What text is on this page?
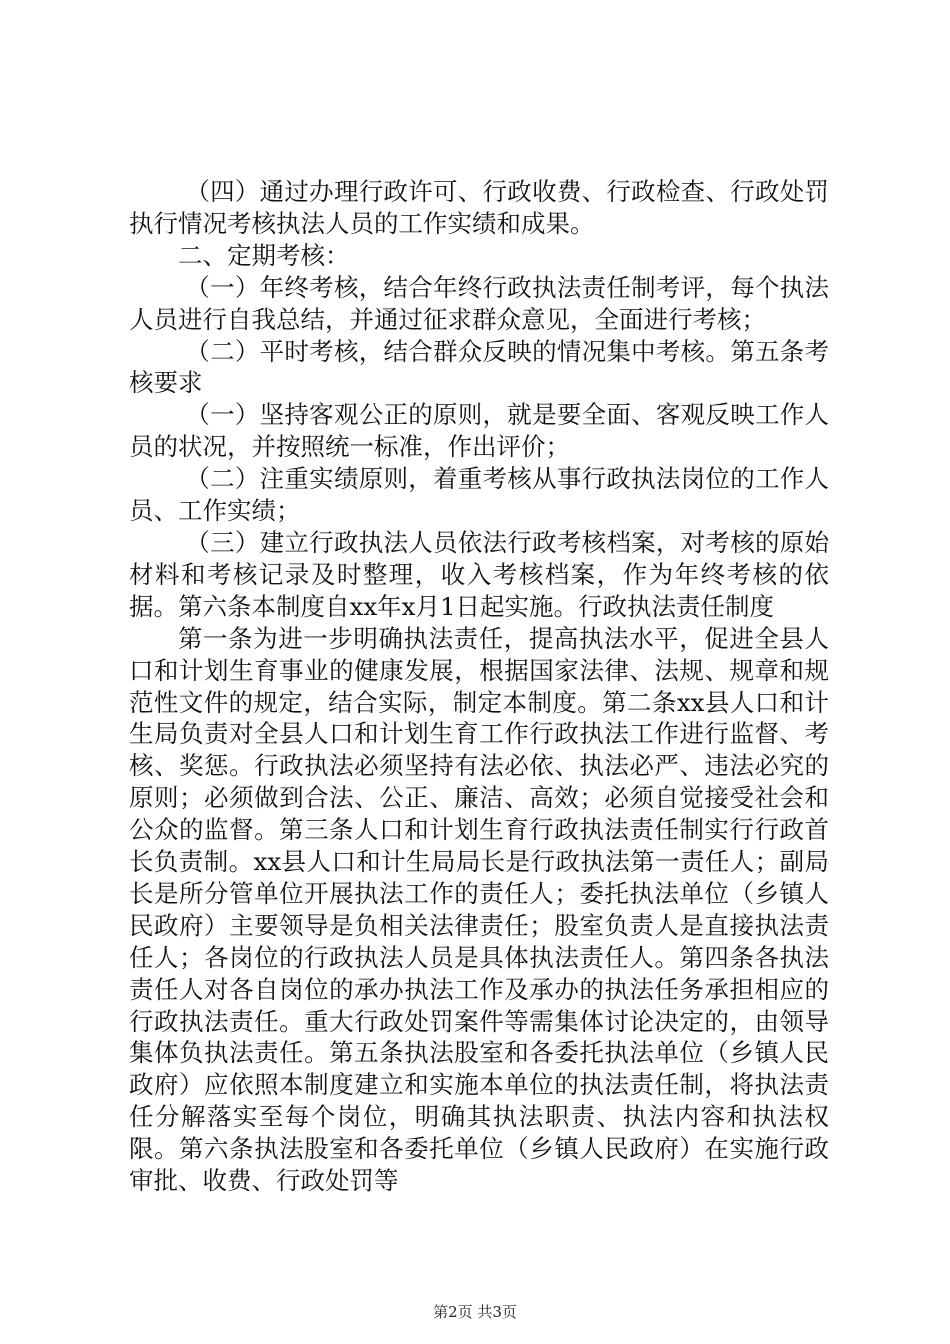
（四）通过办理行政许可、行政收费、行政检查、行政处罚执行情况考核执法人员的工作实绩和成果。

二、定期考核：

（一）年终考核，结合年终行政执法责任制考评，每个执法人员进行自我总结，并通过征求群众意见，全面进行考核；

（二）平时考核，结合群众反映的情况集中考核。第五条考核要求

（一）坚持客观公正的原则，就是要全面、客观反映工作人员的状况，并按照统一标准，作出评价；

（二）注重实绩原则，着重考核从事行政执法岗位的工作人员、工作实绩；

（三）建立行政执法人员依法行政考核档案，对考核的原始材料和考核记录及时整理，收入考核档案，作为年终考核的依据。第六条本制度自xx年x月1日起实施。行政执法责任制度

第一条为进一步明确执法责任，提高执法水平，促进全县人口和计划生育事业的健康发展，根据国家法律、法规、规章和规范性文件的规定，结合实际，制定本制度。第二条xx县人口和计生局负责对全县人口和计划生育工作行政执法工作进行监督、考核、奖惩。行政执法必须坚持有法必依、执法必严、违法必究的原则；必须做到合法、公正、廉洁、高效；必须自觉接受社会和公众的监督。第三条人口和计划生育行政执法责任制实行行政首长负责制。xx县人口和计生局局长是行政执法第一责任人；副局长是所分管单位开展执法工作的责任人；委托执法单位（乡镇人民政府）主要领导是负相关法律责任；股室负责人是直接执法责任人；各岗位的行政执法人员是具体执法责任人。第四条各执法责任人对各自岗位的承办执法工作及承办的执法任务承担相应的行政执法责任。重大行政处罚案件等需集体讨论决定的，由领导集体负执法责任。第五条执法股室和各委托执法单位（乡镇人民政府）应依照本制度建立和实施本单位的执法责任制，将执法责任分解落实至每个岗位，明确其执法职责、执法内容和执法权限。第六条执法股室和各委托单位（乡镇人民政府）在实施行政审批、收费、行政处罚等

第2页 共3页
